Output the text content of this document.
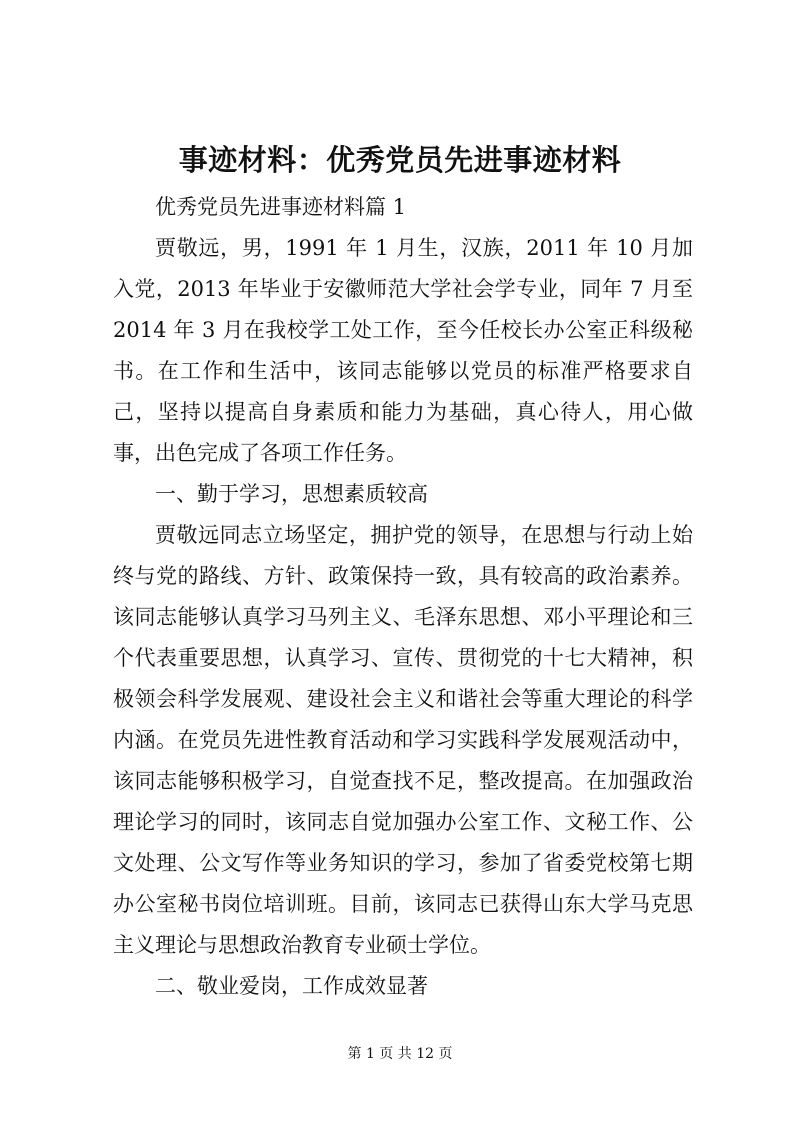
事迹材料：优秀党员先进事迹材料

优秀党员先进事迹材料篇 1

贾敬远，男，1991 年 1 月生，汉族，2011 年 10 月加入党，2013 年毕业于安徽师范大学社会学专业，同年 7 月至 2014 年 3 月在我校学工处工作，至今任校长办公室正科级秘书。在工作和生活中，该同志能够以党员的标准严格要求自己，坚持以提高自身素质和能力为基础，真心待人，用心做事，出色完成了各项工作任务。

一、勤于学习，思想素质较高

贾敬远同志立场坚定，拥护党的领导，在思想与行动上始终与党的路线、方针、政策保持一致，具有较高的政治素养。该同志能够认真学习马列主义、毛泽东思想、邓小平理论和三个代表重要思想，认真学习、宣传、贯彻党的十七大精神，积极领会科学发展观、建设社会主义和谐社会等重大理论的科学内涵。在党员先进性教育活动和学习实践科学发展观活动中，该同志能够积极学习，自觉查找不足，整改提高。在加强政治理论学习的同时，该同志自觉加强办公室工作、文秘工作、公文处理、公文写作等业务知识的学习，参加了省委党校第七期办公室秘书岗位培训班。目前，该同志已获得山东大学马克思主义理论与思想政治教育专业硕士学位。

二、敬业爱岗，工作成效显著

第 1 页 共 12 页
